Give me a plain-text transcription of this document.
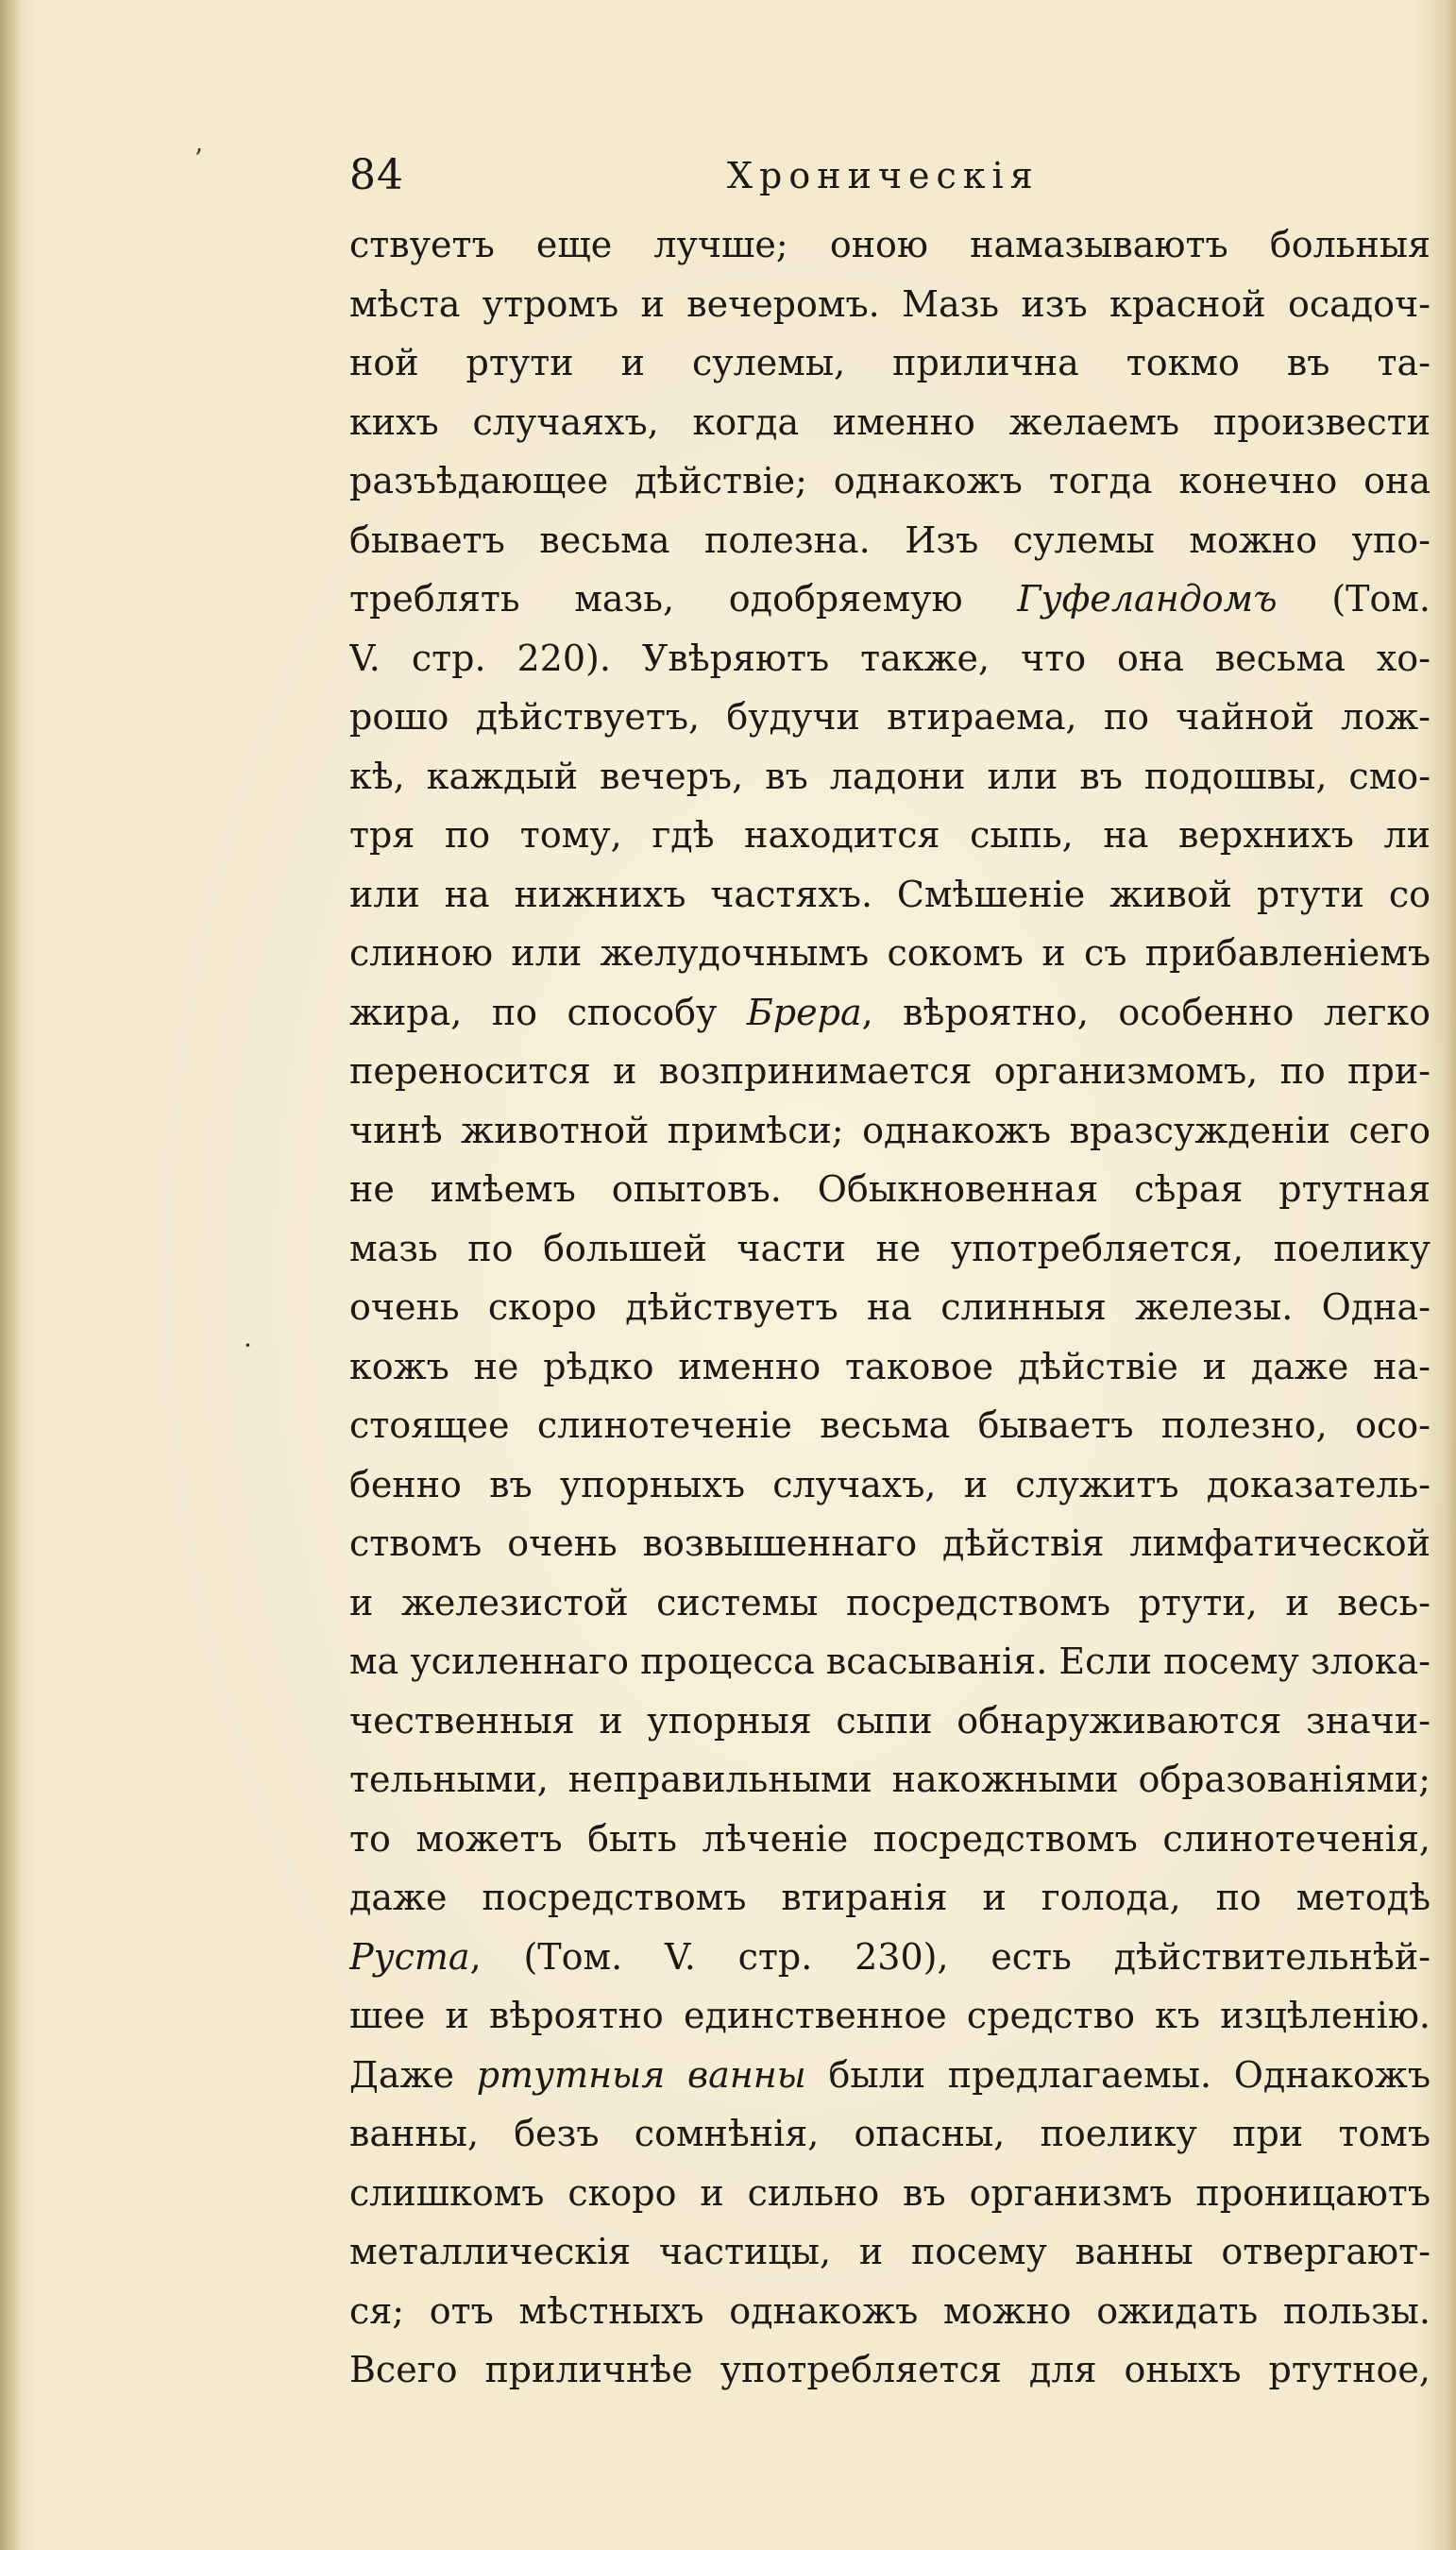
84	Хроническія
ствуетъ еще лучше; оною намазываютъ больныя
мѣста утромъ и вечеромъ. Мазь изъ красной осадоч-
ной ртути и сулемы, прилична токмо въ та-
кихъ случаяхъ, когда именно желаемъ произвести
разъѣдающее дѣйствіе; однакожъ тогда конечно она
бываетъ весьма полезна. Изъ сулемы можно упо-
треблять мазь, одобряемую Гуфеландомъ (Том.
V. стр. 220). Увѣряютъ также, что она весьма хо-
рошо дѣйствуетъ, будучи втираема, по чайной лож-
кѣ, каждый вечеръ, въ ладони или въ подошвы, смо-
тря по тому, гдѣ находится сыпь, на верхнихъ ли
или на нижнихъ частяхъ. Смѣшеніе живой ртути со
слиною или желудочнымъ сокомъ и съ прибавленіемъ
жира, по способу Брера, вѣроятно, особенно легко
переносится и возпринимается организмомъ, по при-
чинѣ животной примѣси; однакожъ вразсужденіи сего
не имѣемъ опытовъ. Обыкновенная сѣрая ртутная
мазь по большей части не употребляется, поелику
очень скоро дѣйствуетъ на слинныя железы. Одна-
кожъ не рѣдко именно таковое дѣйствіе и даже на-
стоящее слинотеченіе весьма бываетъ полезно, осо-
бенно въ упорныхъ случахъ, и служитъ доказатель-
ствомъ очень возвышеннаго дѣйствія лимфатической
и железистой системы посредствомъ ртути, и весь-
ма усиленнаго процесса всасыванія. Если посему злока-
чественныя и упорныя сыпи обнаруживаются значи-
тельными, неправильными накожными образованіями;
то можетъ быть лѣченіе посредствомъ слинотеченія,
даже посредствомъ втиранія и голода, по методѣ
Руста, (Том. V. стр. 230), есть дѣйствительнѣй-
шее и вѣроятно единственное средство къ изцѣленію.
Даже ртутныя ванны были предлагаемы. Однакожъ
ванны, безъ сомнѣнія, опасны, поелику при томъ
слишкомъ скоро и сильно въ организмъ проницаютъ
металлическія частицы, и посему ванны отвергают-
ся; отъ мѣстныхъ однакожъ можно ожидать пользы.
Всего приличнѣе употребляется для оныхъ ртутное,
ʼ
·
